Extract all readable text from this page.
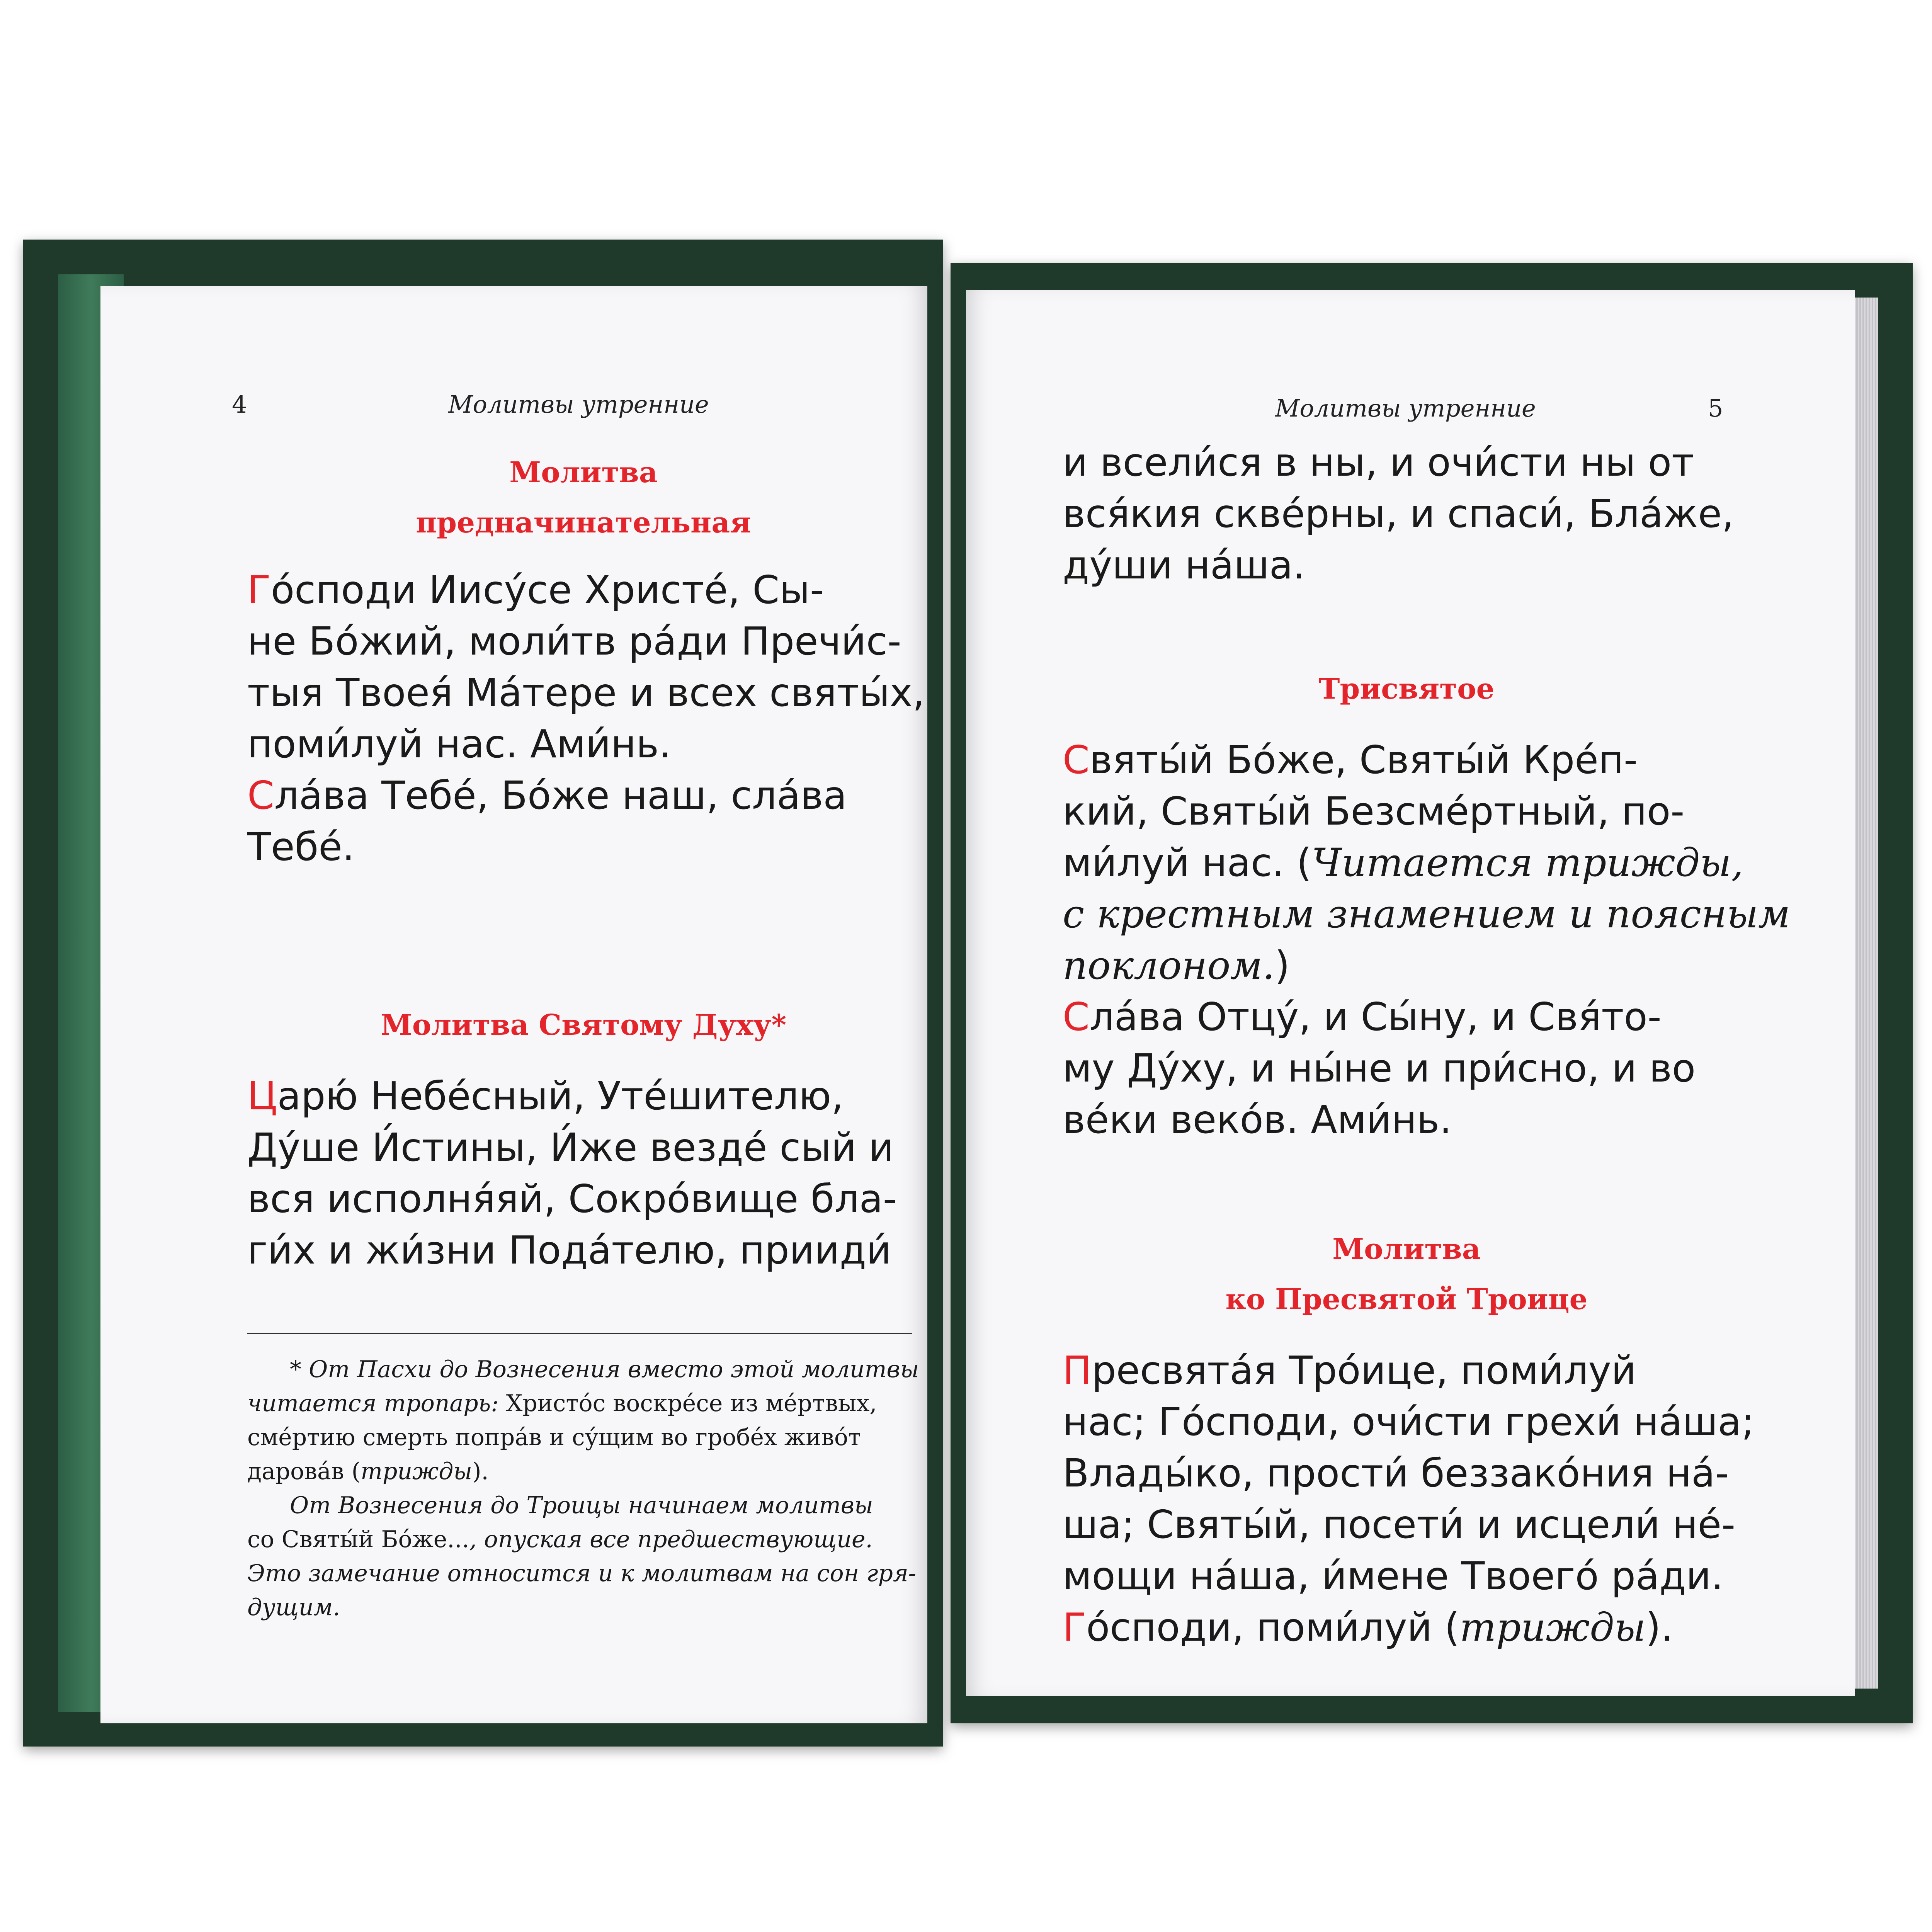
4	Молитвы утренние
Молитва
предначинательная
Го́споди Иису́се Христе́, Сы-
не Бо́жий, моли́тв ра́ди Пречи́с-
тыя Твоея́ Ма́тере и всех святы́х,
поми́луй нас. Ами́нь.
Сла́ва Тебе́, Бо́же наш, сла́ва
Тебе́.
Молитва Святому Духу*
Царю́ Небе́сный, Уте́шителю,
Ду́ше И́стины, И́же везде́ сый и
вся исполня́яй, Сокро́вище бла-
ги́х и жи́зни Пода́телю, прииди́
* От Пасхи до Вознесения вместо этой молитвы
читается тропарь: Христо́с воскре́се из ме́ртвых,
сме́ртию смерть попра́в и су́щим во гробе́х живо́т
дарова́в (трижды).
От Вознесения до Троицы начинаем молитвы
со Святы́й Бо́же..., опуская все предшествующие.
Это замечание относится и к молитвам на сон гря-
дущим.
Молитвы утренние	5
и всели́ся в ны, и очи́сти ны от
вся́кия скве́рны, и спаси́, Бла́же,
ду́ши на́ша.
Трисвятое
Святы́й Бо́же, Святы́й Кре́п-
кий, Святы́й Безсме́ртный, по-
ми́луй нас. (Читается трижды,
с крестным знамением и поясным
поклоном.)
Сла́ва Отцу́, и Сы́ну, и Свя́то-
му Ду́ху, и ны́не и при́сно, и во
ве́ки веко́в. Ами́нь.
Молитва
ко Пресвятой Троице
Пресвята́я Тро́ице, поми́луй
нас; Го́споди, очи́сти грехи́ на́ша;
Влады́ко, прости́ беззако́ния на́-
ша; Святы́й, посети́ и исцели́ не́-
мощи на́ша, и́мене Твоего́ ра́ди.
Го́споди, поми́луй (трижды).
